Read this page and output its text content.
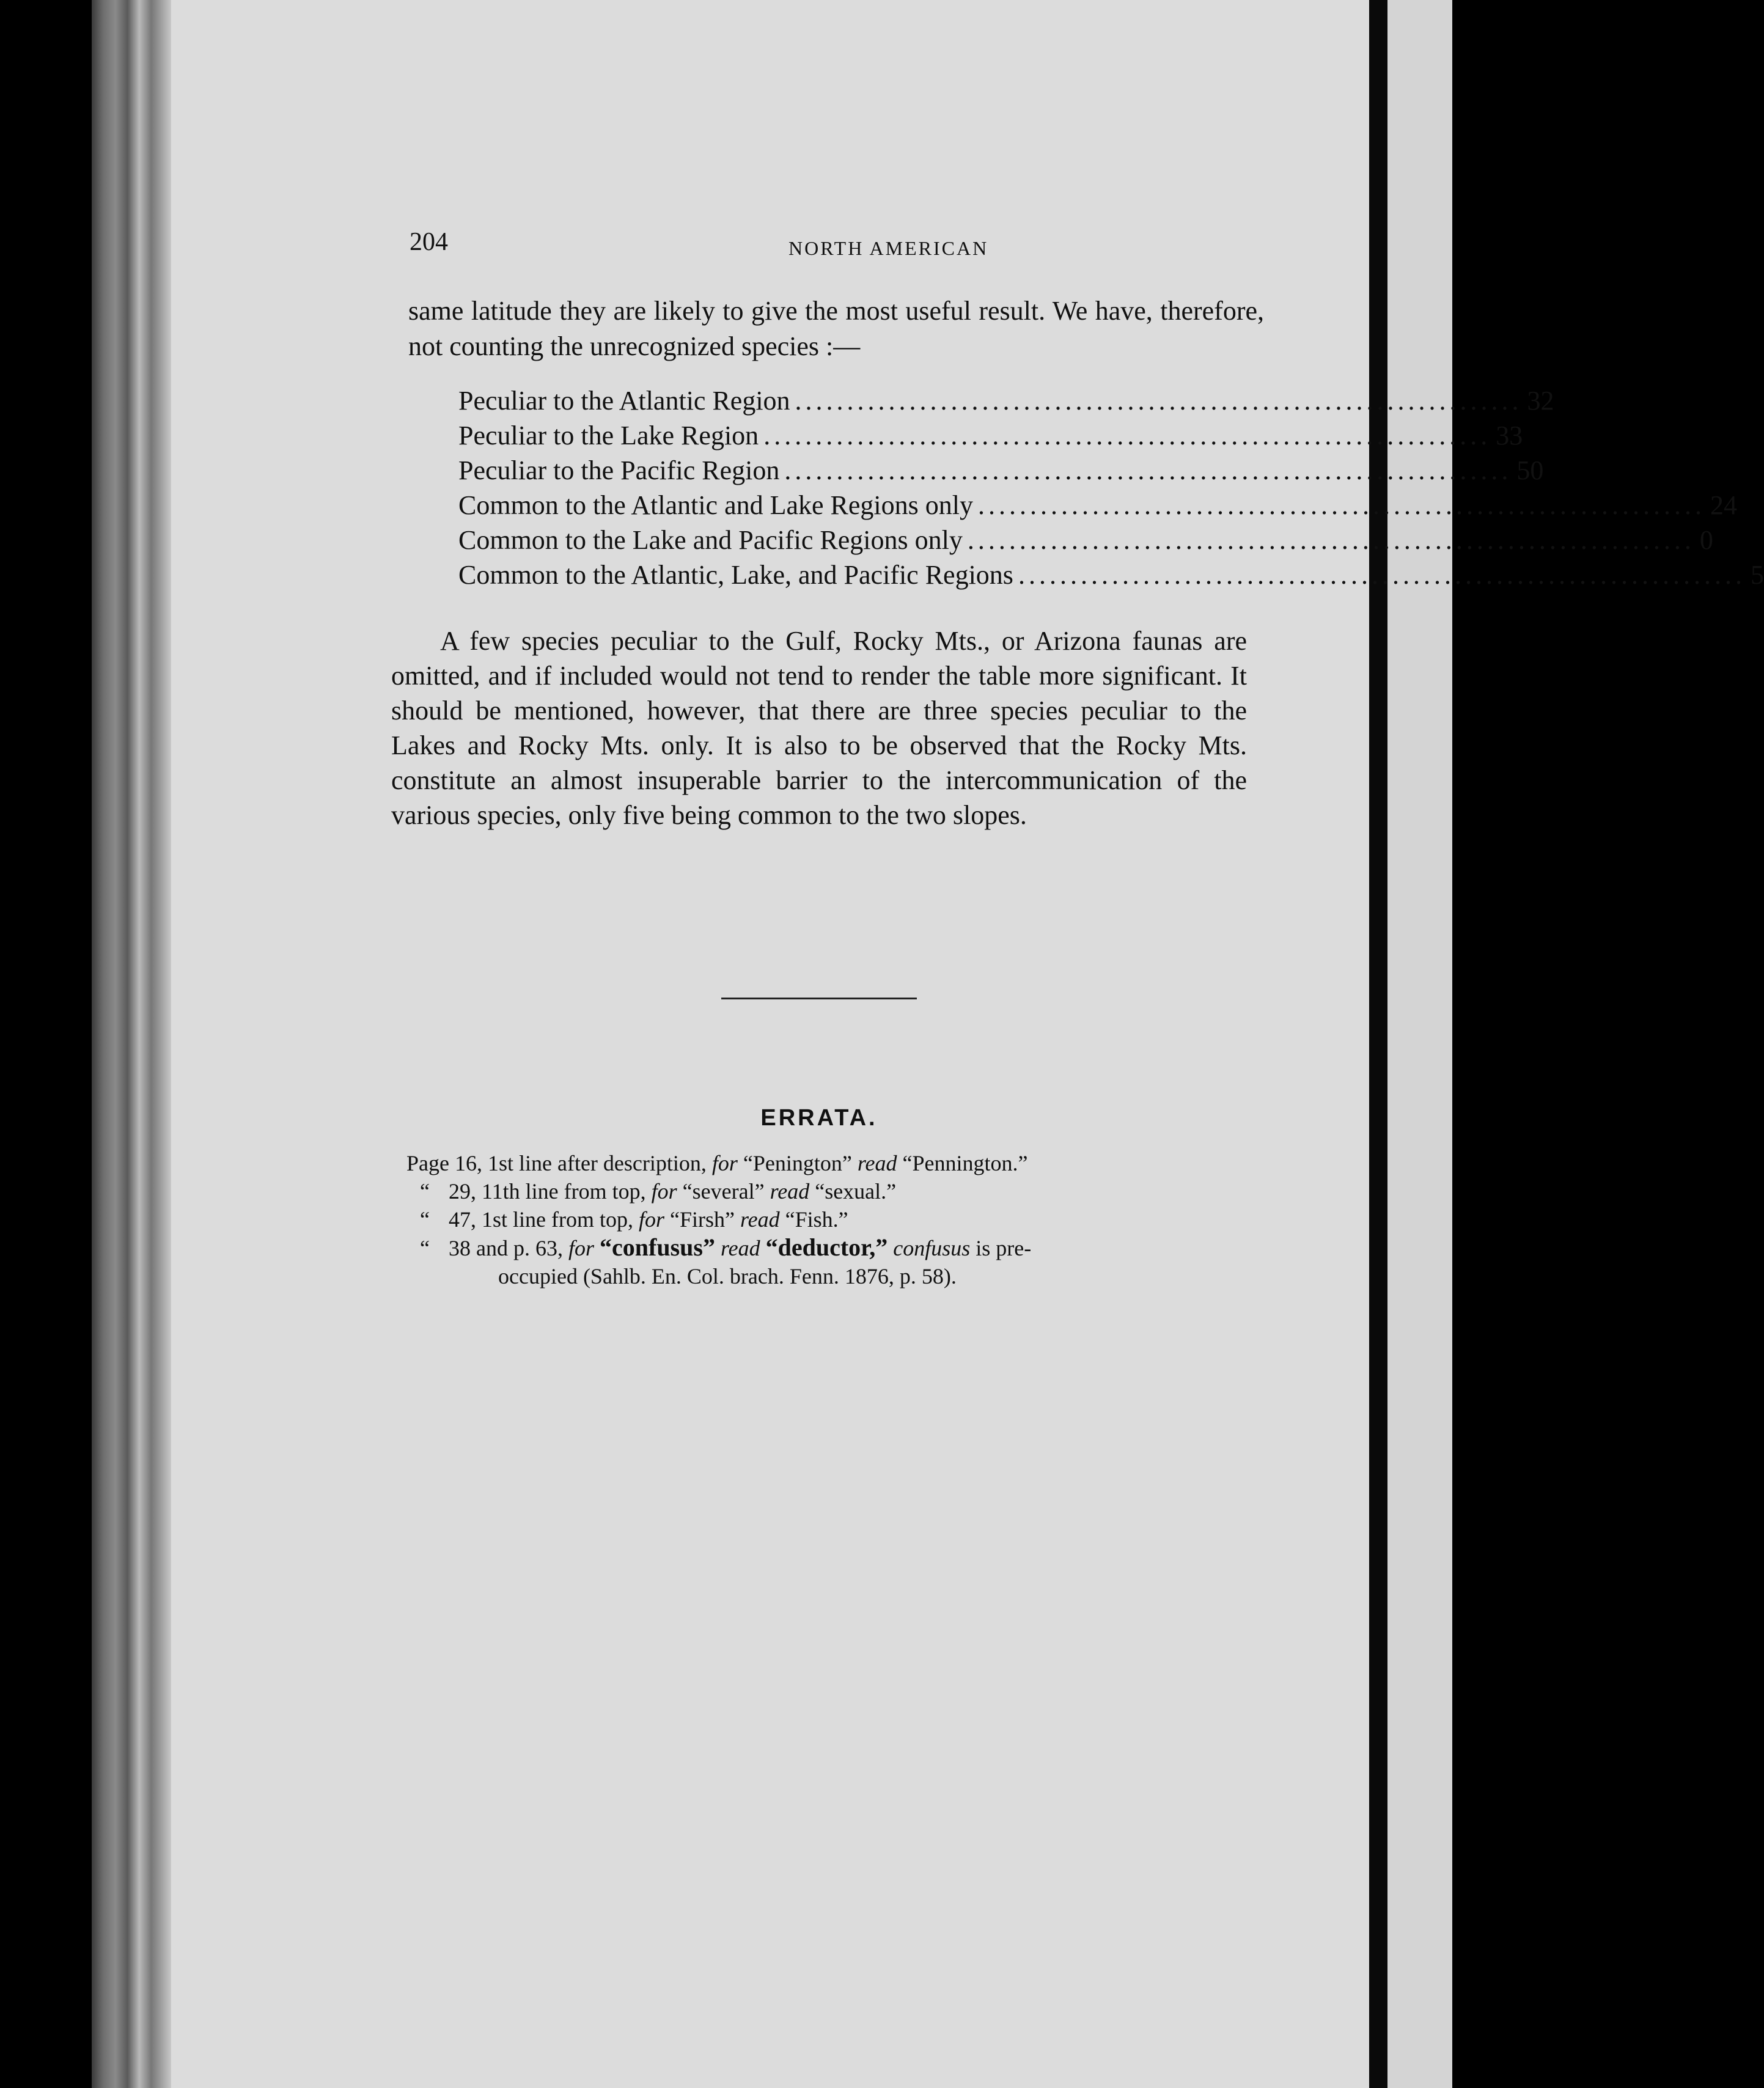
204	NORTH AMERICAN
same latitude they are likely to give the most useful result. We have, therefore, not counting the unrecognized species :—
Peculiar to the Atlantic Region ...................................................................... 32
Peculiar to the Lake Region ...................................................................... 33
Peculiar to the Pacific Region ...................................................................... 50
Common to the Atlantic and Lake Regions only ...................................................................... 24
Common to the Lake and Pacific Regions only ...................................................................... 0
Common to the Atlantic, Lake, and Pacific Regions ...................................................................... 5
A few species peculiar to the Gulf, Rocky Mts., or Arizona faunas are omitted, and if included would not tend to render the table more significant. It should be mentioned, however, that there are three species peculiar to the Lakes and Rocky Mts. only. It is also to be observed that the Rocky Mts. constitute an almost insuperable barrier to the intercommunication of the various species, only five being common to the two slopes.
ERRATA.
Page 16, 1st line after description, for “Penington” read “Pennington.”
“ 29, 11th line from top, for “several” read “sexual.”
“ 47, 1st line from top, for “Firsh” read “Fish.”
“ 38 and p. 63, for “confusus” read “deductor,” confusus is pre-
occupied (Sahlb. En. Col. brach. Fenn. 1876, p. 58).
